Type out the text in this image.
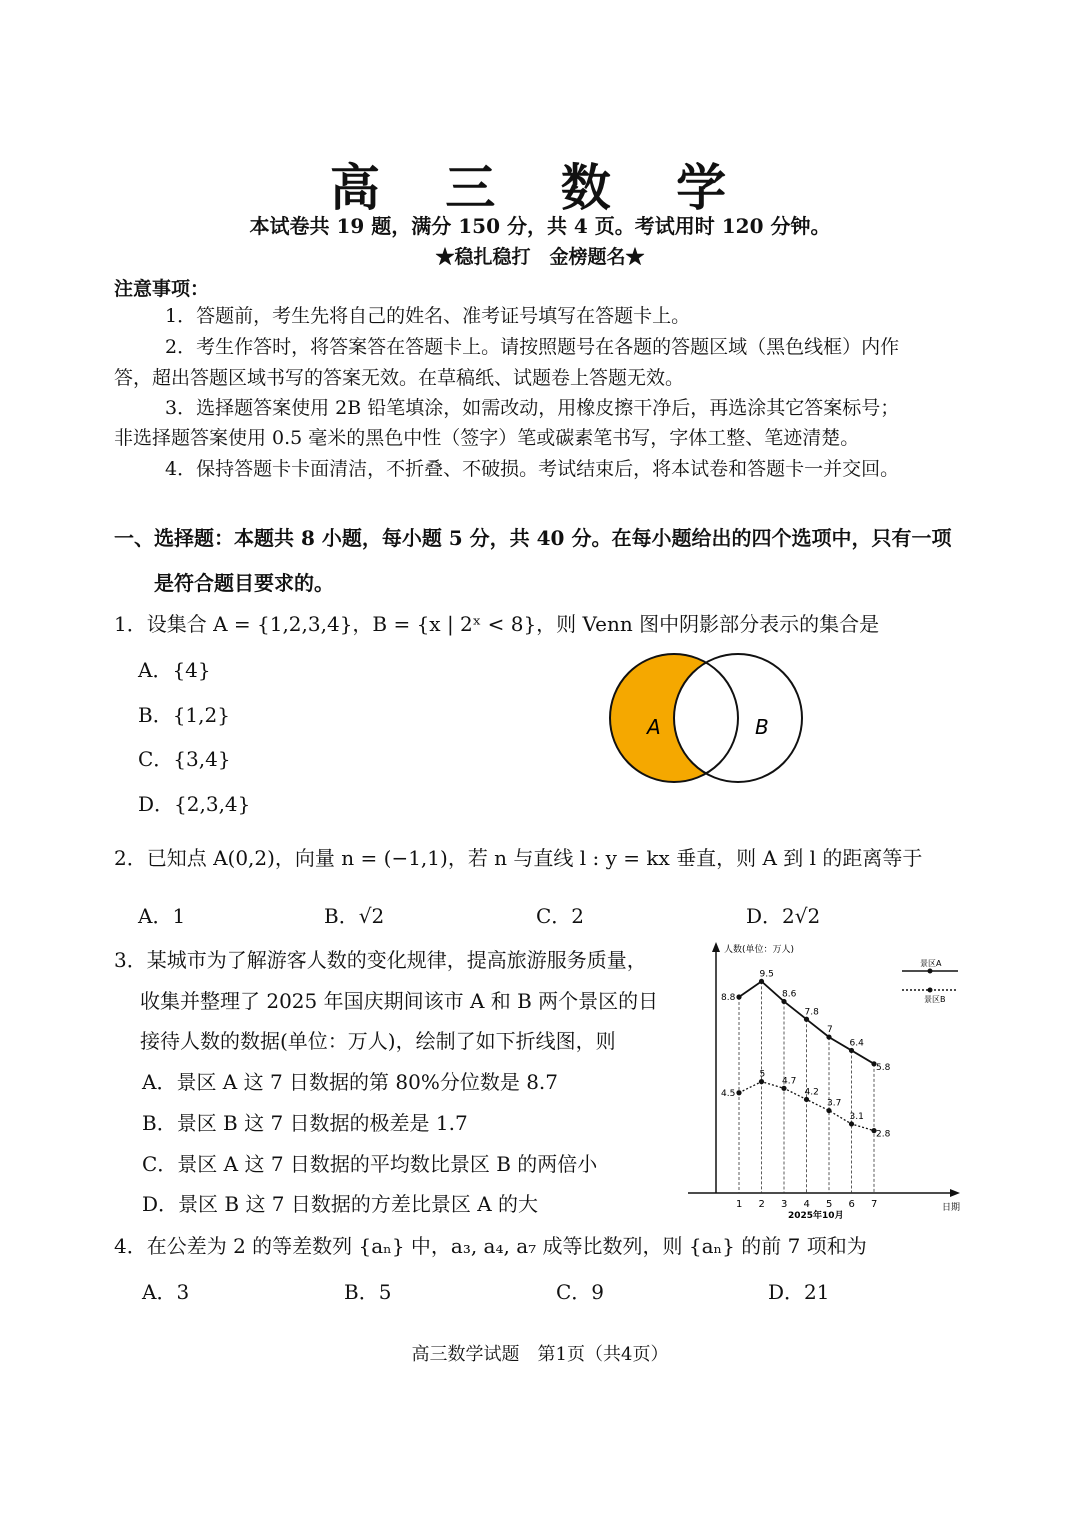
高 三 数 学
本试卷共 19 题，满分 150 分，共 4 页。考试用时 120 分钟。
★稳扎稳打　金榜题名★
注意事项：
1．答题前，考生先将自己的姓名、准考证号填写在答题卡上。
2．考生作答时，将答案答在答题卡上。请按照题号在各题的答题区域（黑色线框）内作
答，超出答题区域书写的答案无效。在草稿纸、试题卷上答题无效。
3．选择题答案使用 2B 铅笔填涂，如需改动，用橡皮擦干净后，再选涂其它答案标号；
非选择题答案使用 0.5 毫米的黑色中性（签字）笔或碳素笔书写，字体工整、笔迹清楚。
4．保持答题卡卡面清洁，不折叠、不破损。考试结束后，将本试卷和答题卡一并交回。
一、选择题：本题共 8 小题，每小题 5 分，共 40 分。在每小题给出的四个选项中，只有一项
是符合题目要求的。
1．设集合 A = {1,2,3,4}，B = {x | 2ˣ < 8}，则 Venn 图中阴影部分表示的集合是
A．{4}
B．{1,2}
C．{3,4}
D．{2,3,4}
A	B
2．已知点 A(0,2)，向量 n = (−1,1)，若 n 与直线 l : y = kx 垂直，则 A 到 l 的距离等于
A．1	B．√2	C．2	D．2√2
3．某城市为了解游客人数的变化规律，提高旅游服务质量，
收集并整理了 2025 年国庆期间该市 A 和 B 两个景区的日
接待人数的数据(单位：万人)，绘制了如下折线图，则
A．景区 A 这 7 日数据的第 80%分位数是 8.7
B．景区 B 这 7 日数据的极差是 1.7
C．景区 A 这 7 日数据的平均数比景区 B 的两倍小
D．景区 B 这 7 日数据的方差比景区 A 的大
人数(单位：万人)
日期
2025年10月
景区A
景区B
1 2 3 4 5 6 7
8.8
9.5
8.6
7.8
7
6.4
5.8
4.5
5
4.7
4.2
3.7
3.1
2.8
4．在公差为 2 的等差数列 {aₙ} 中，a₃, a₄, a₇ 成等比数列，则 {aₙ} 的前 7 项和为
A．3	B．5	C．9	D．21
高三数学试题　第1页（共4页）
